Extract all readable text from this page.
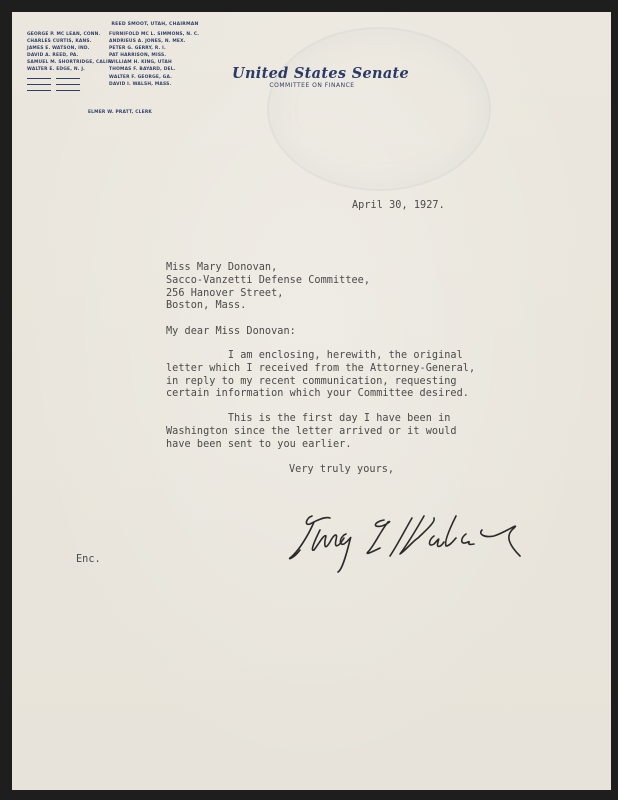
REED SMOOT, UTAH, CHAIRMAN
GEORGE P. MC LEAN, CONN.
CHARLES CURTIS, KANS.
JAMES E. WATSON, IND.
DAVID A. REED, PA.
SAMUEL M. SHORTRIDGE, CALIF.
WALTER E. EDGE, N. J.
FURNIFOLD MC L. SIMMONS, N. C.
ANDRIEUS A. JONES, N. MEX.
PETER G. GERRY, R. I.
PAT HARRISON, MISS.
WILLIAM H. KING, UTAH
THOMAS F. BAYARD, DEL.
WALTER F. GEORGE, GA.
DAVID I. WALSH, MASS.
ELMER W. PRATT, CLERK
United States Senate
COMMITTEE ON FINANCE
April 30, 1927.
Miss Mary Donovan,
Sacco-Vanzetti Defense Committee,
256 Hanover Street,
Boston, Mass.
My dear Miss Donovan:
I am enclosing, herewith, the original
letter which I received from the Attorney-General,
in reply to my recent communication, requesting
certain information which your Committee desired.
This is the first day I have been in
Washington since the letter arrived or it would
have been sent to you earlier.
Very truly yours,
Enc.
